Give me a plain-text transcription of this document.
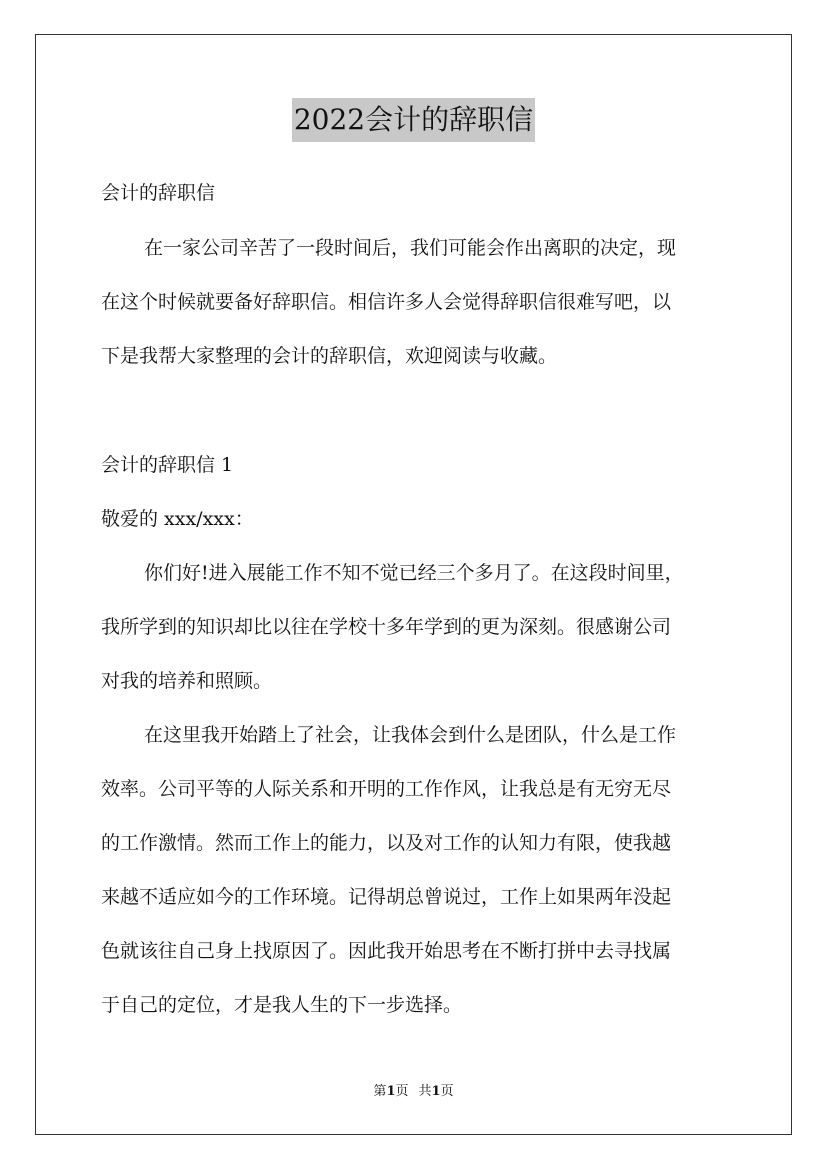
2022会计的辞职信
会计的辞职信
在一家公司辛苦了一段时间后，我们可能会作出离职的决定，现
在这个时候就要备好辞职信。相信许多人会觉得辞职信很难写吧，以
下是我帮大家整理的会计的辞职信，欢迎阅读与收藏。
会计的辞职信 1
敬爱的 xxx/xxx：
你们好!进入展能工作不知不觉已经三个多月了。在这段时间里，
我所学到的知识却比以往在学校十多年学到的更为深刻。很感谢公司
对我的培养和照顾。
在这里我开始踏上了社会，让我体会到什么是团队，什么是工作
效率。公司平等的人际关系和开明的工作作风，让我总是有无穷无尽
的工作激情。然而工作上的能力，以及对工作的认知力有限，使我越
来越不适应如今的工作环境。记得胡总曾说过，工作上如果两年没起
色就该往自己身上找原因了。因此我开始思考在不断打拼中去寻找属
于自己的定位，才是我人生的下一步选择。
第1页 共1页
